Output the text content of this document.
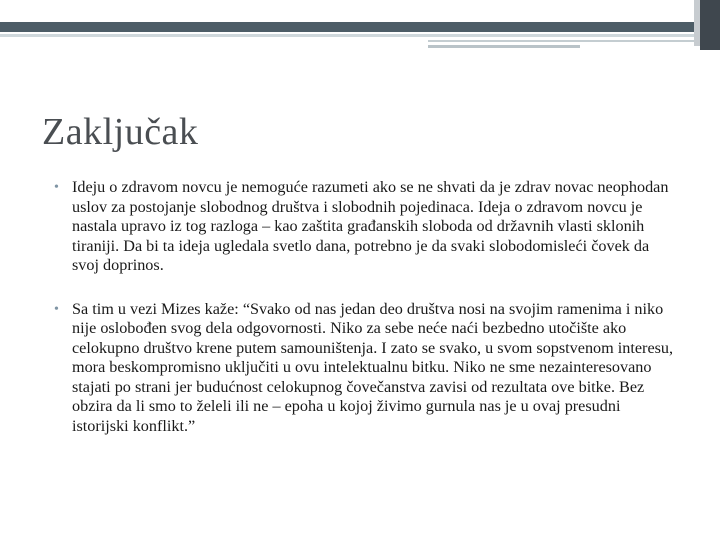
Zaključak
• Ideju o zdravom novcu je nemoguće razumeti ako se ne shvati da je zdrav novac neophodan uslov za postojanje slobodnog društva i slobodnih pojedinaca. Ideja o zdravom novcu je nastala upravo iz tog razloga – kao zaštita građanskih sloboda od državnih vlasti sklonih tiraniji. Da bi ta ideja ugledala svetlo dana, potrebno je da svaki slobodomisleći čovek da svoj doprinos.
• Sa tim u vezi Mizes kaže: “Svako od nas jedan deo društva nosi na svojim ramenima i niko nije oslobođen svog dela odgovornosti. Niko za sebe neće naći bezbedno utočište ako celokupno društvo krene putem samouništenja. I zato se svako, u svom sopstvenom interesu, mora beskompromisno uključiti u ovu intelektualnu bitku. Niko ne sme nezainteresovano stajati po strani jer budućnost celokupnog čovečanstva zavisi od rezultata ove bitke. Bez obzira da li smo to želeli ili ne – epoha u kojoj živimo gurnula nas je u ovaj presudni istorijski konflikt.”
